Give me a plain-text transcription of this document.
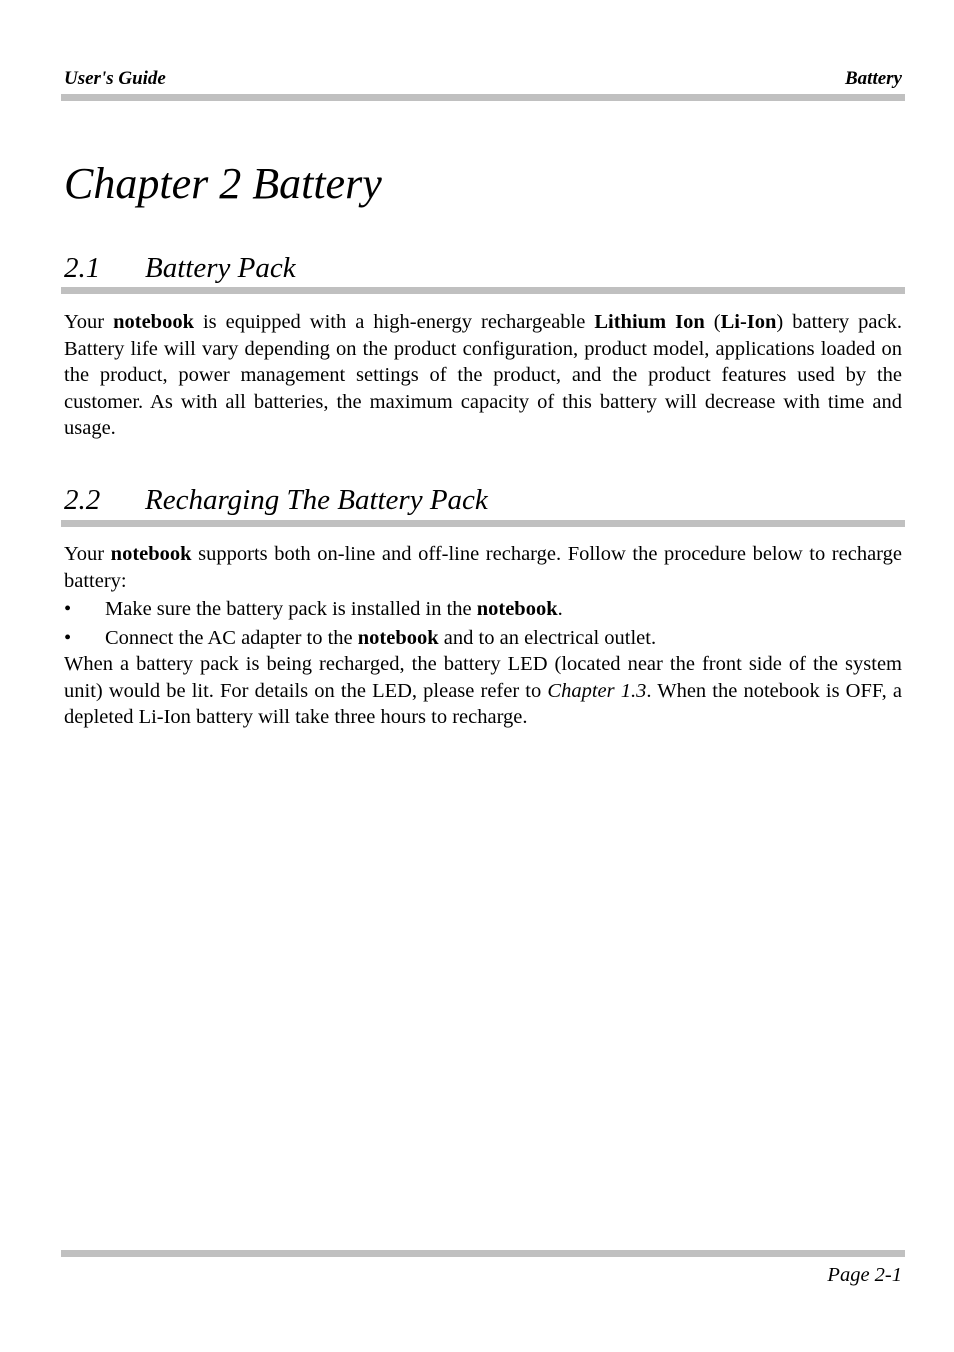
User's Guide	Battery
Chapter 2 Battery
2.1	Battery Pack

Your notebook is equipped with a high-energy rechargeable Lithium Ion (Li-Ion) battery pack. Battery life will vary depending on the product configuration, product model, applications loaded on the product, power management settings of the product, and the product features used by the customer. As with all batteries, the maximum capacity of this battery will decrease with time and usage.

2.2	Recharging The Battery Pack

Your notebook supports both on-line and off-line recharge. Follow the procedure below to recharge battery:

•	Make sure the battery pack is installed in the notebook.
•	Connect the AC adapter to the notebook and to an electrical outlet.

When a battery pack is being recharged, the battery LED (located near the front side of the system unit) would be lit. For details on the LED, please refer to Chapter 1.3. When the notebook is OFF, a depleted Li-Ion battery will take three hours to recharge.

Page 2-1
